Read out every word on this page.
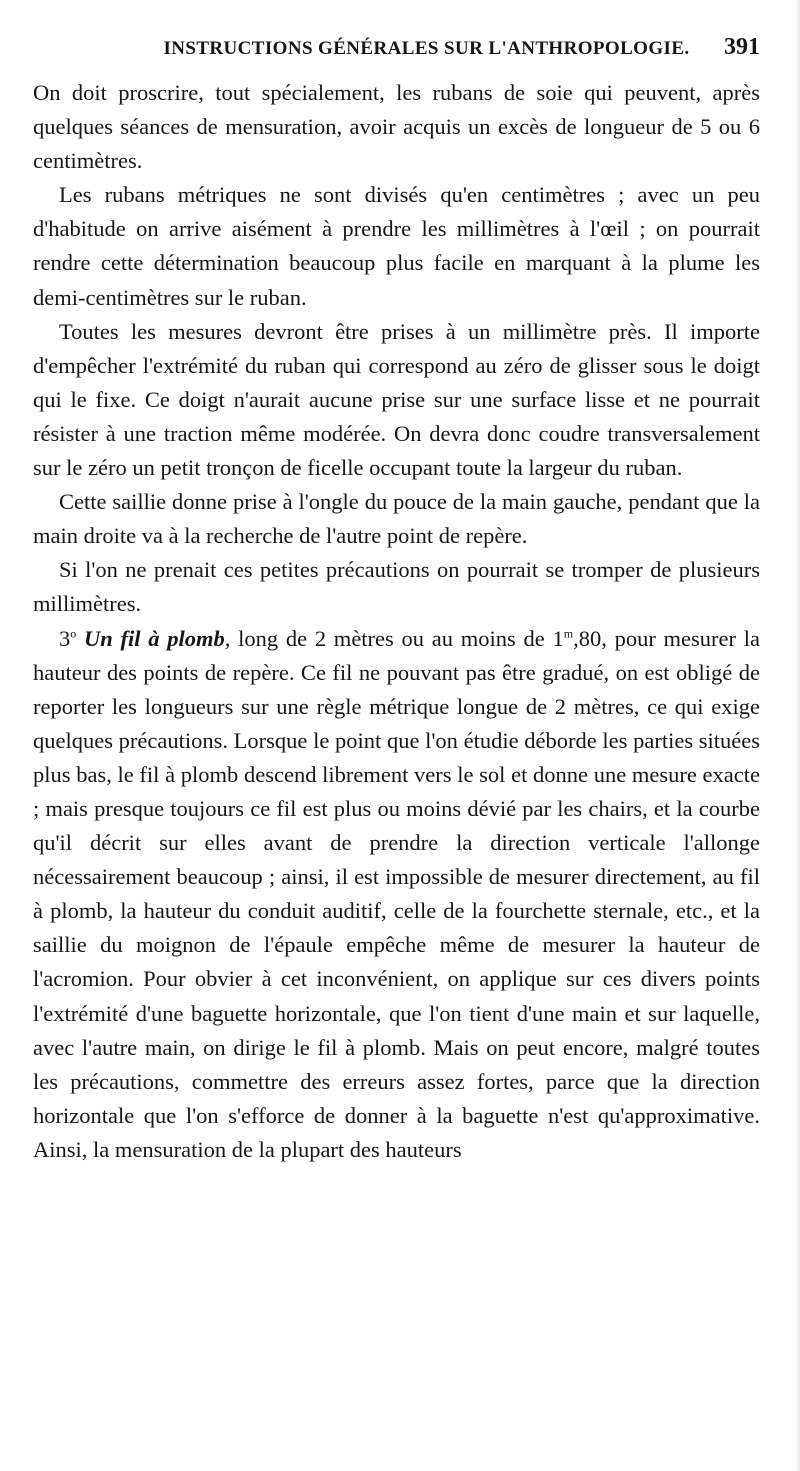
INSTRUCTIONS GÉNÉRALES SUR L'ANTHROPOLOGIE. 391

On doit proscrire, tout spécialement, les rubans de soie qui peuvent, après quelques séances de mensuration, avoir acquis un excès de longueur de 5 ou 6 centimètres.

Les rubans métriques ne sont divisés qu'en centimètres ; avec un peu d'habitude on arrive aisément à prendre les millimètres à l'œil ; on pourrait rendre cette détermination beaucoup plus facile en marquant à la plume les demi-centimètres sur le ruban.

Toutes les mesures devront être prises à un millimètre près. Il importe d'empêcher l'extrémité du ruban qui correspond au zéro de glisser sous le doigt qui le fixe. Ce doigt n'aurait aucune prise sur une surface lisse et ne pourrait résister à une traction même modérée. On devra donc coudre transversalement sur le zéro un petit tronçon de ficelle occupant toute la largeur du ruban.

Cette saillie donne prise à l'ongle du pouce de la main gauche, pendant que la main droite va à la recherche de l'autre point de repère.

Si l'on ne prenait ces petites précautions on pourrait se tromper de plusieurs millimètres.

3$^o$ Un fil à plomb, long de 2 mètres ou au moins de 1$^m$,80, pour mesurer la hauteur des points de repère. Ce fil ne pouvant pas être gradué, on est obligé de reporter les longueurs sur une règle métrique longue de 2 mètres, ce qui exige quelques précautions. Lorsque le point que l'on étudie déborde les parties situées plus bas, le fil à plomb descend librement vers le sol et donne une mesure exacte ; mais presque toujours ce fil est plus ou moins dévié par les chairs, et la courbe qu'il décrit sur elles avant de prendre la direction verticale l'allonge nécessairement beaucoup ; ainsi, il est impossible de mesurer directement, au fil à plomb, la hauteur du conduit auditif, celle de la fourchette sternale, etc., et la saillie du moignon de l'épaule empêche même de mesurer la hauteur de l'acromion. Pour obvier à cet inconvénient, on applique sur ces divers points l'extrémité d'une baguette horizontale, que l'on tient d'une main et sur laquelle, avec l'autre main, on dirige le fil à plomb. Mais on peut encore, malgré toutes les précautions, commettre des erreurs assez fortes, parce que la direction horizontale que l'on s'efforce de donner à la baguette n'est qu'approximative. Ainsi, la mensuration de la plupart des hauteurs
